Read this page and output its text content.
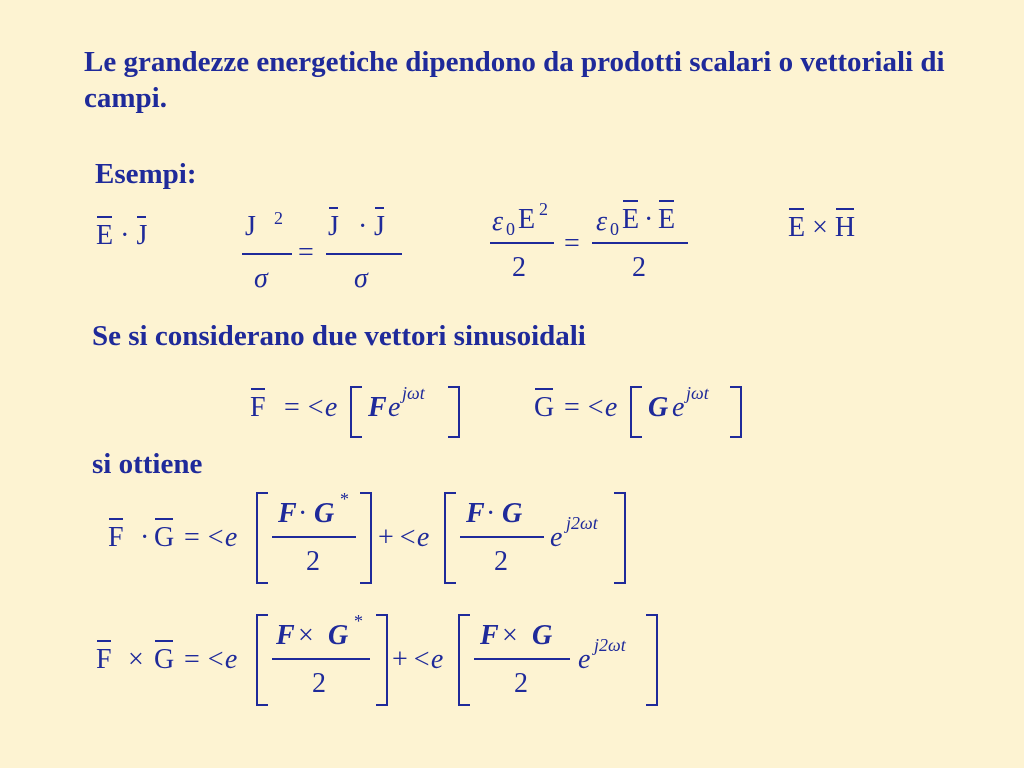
Le grandezze energetiche dipendono da prodotti scalari o vettoriali di campi.
Esempi:
E · J	J 2
σ
=
J · J
σ
ε 0 E 2
2
=
ε 0 E · E
2
E × H
Se si considerano due vettori sinusoidali
F = <e F e jωt	G = <e G e jωt
si ottiene
F · G = <e
F · G *
2
+ <e
F · G
2
e j2ωt
F × G = <e
F × G *
2
+ <e
F × G
2
e j2ωt
